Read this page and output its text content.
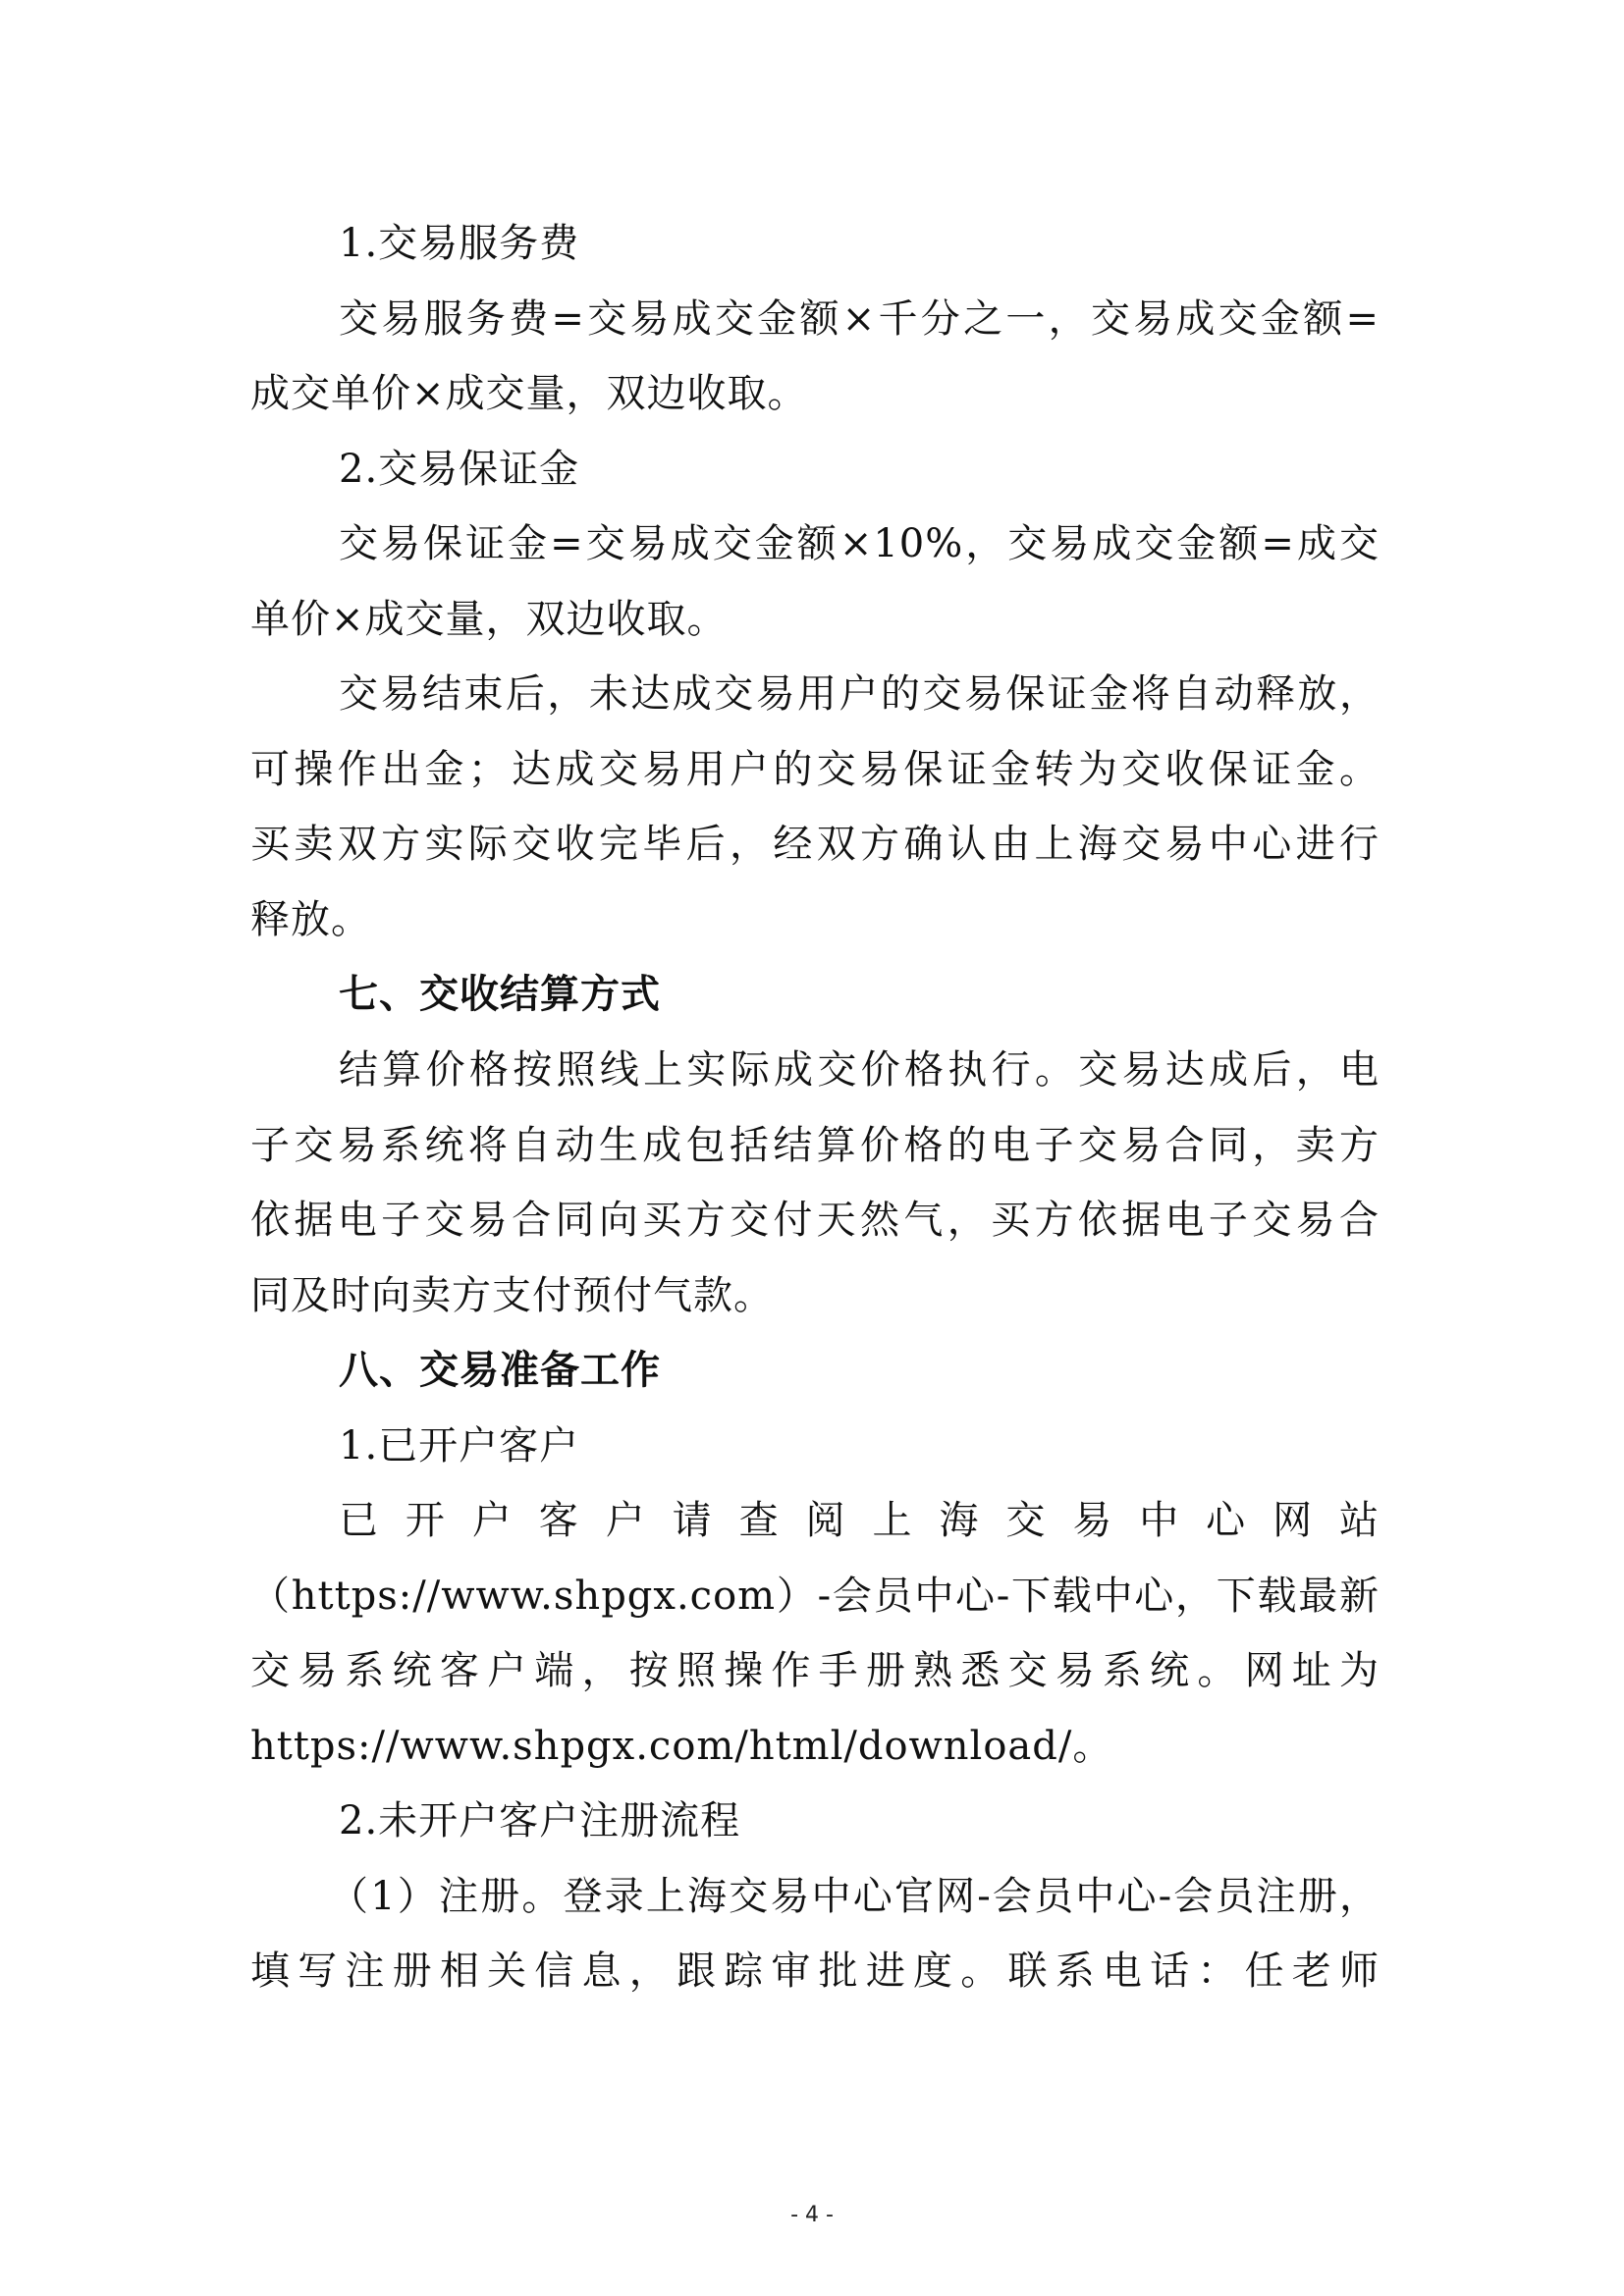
1.交易服务费
交易服务费=交易成交金额×千分之一，交易成交金额=
成交单价×成交量，双边收取。
2.交易保证金
交易保证金=交易成交金额×10%，交易成交金额=成交
单价×成交量，双边收取。
交易结束后，未达成交易用户的交易保证金将自动释放，
可操作出金；达成交易用户的交易保证金转为交收保证金。
买卖双方实际交收完毕后，经双方确认由上海交易中心进行
释放。
七、交收结算方式
结算价格按照线上实际成交价格执行。交易达成后，电
子交易系统将自动生成包括结算价格的电子交易合同，卖方
依据电子交易合同向买方交付天然气，买方依据电子交易合
同及时向卖方支付预付气款。
八、交易准备工作
1.已开户客户
已开户客户请查阅上海交易中心网站
（https://www.shpgx.com）-会员中心-下载中心，下载最新
交易系统客户端，按照操作手册熟悉交易系统。网址为
https://www.shpgx.com/html/download/。
2.未开户客户注册流程
（1）注册。登录上海交易中心官网-会员中心-会员注册，
填写注册相关信息，跟踪审批进度。联系电话：任老师
- 4 -
